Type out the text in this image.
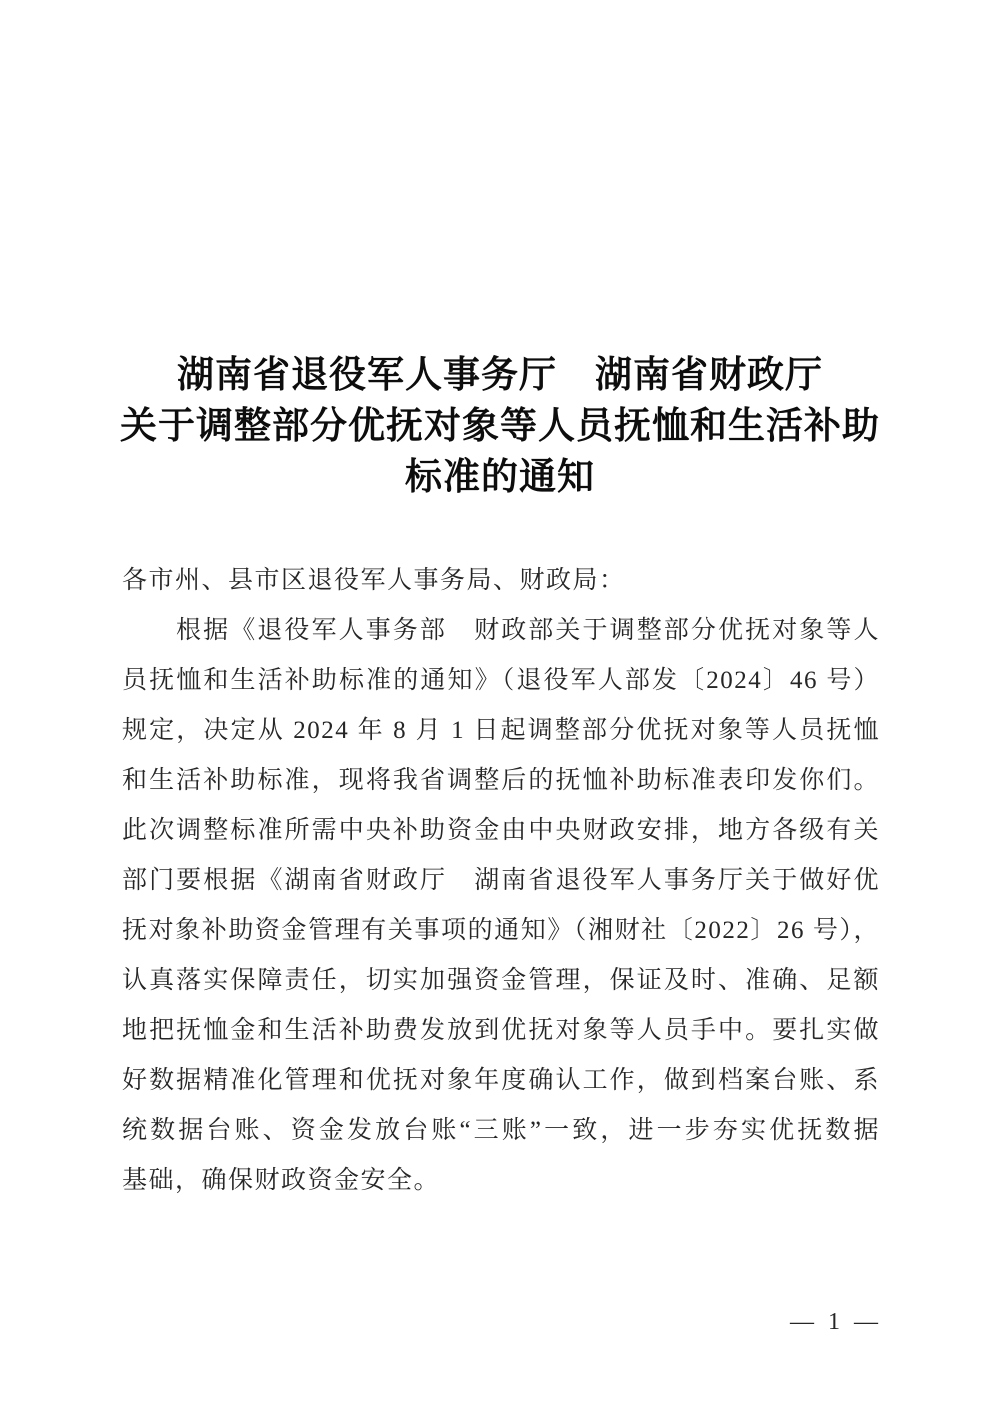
湖南省退役军人事务厅　湖南省财政厅
关于调整部分优抚对象等人员抚恤和生活补助
标准的通知
各市州、县市区退役军人事务局、财政局：
根据《退役军人事务部　财政部关于调整部分优抚对象等人
员抚恤和生活补助标准的通知》（退役军人部发〔2024〕46 号）
规定，决定从 2024 年 8 月 1 日起调整部分优抚对象等人员抚恤
和生活补助标准，现将我省调整后的抚恤补助标准表印发你们。
此次调整标准所需中央补助资金由中央财政安排，地方各级有关
部门要根据《湖南省财政厅　湖南省退役军人事务厅关于做好优
抚对象补助资金管理有关事项的通知》（湘财社〔2022〕26 号），
认真落实保障责任，切实加强资金管理，保证及时、准确、足额
地把抚恤金和生活补助费发放到优抚对象等人员手中。要扎实做
好数据精准化管理和优抚对象年度确认工作，做到档案台账、系
统数据台账、资金发放台账“三账”一致，进一步夯实优抚数据
基础，确保财政资金安全。
— 1 —
